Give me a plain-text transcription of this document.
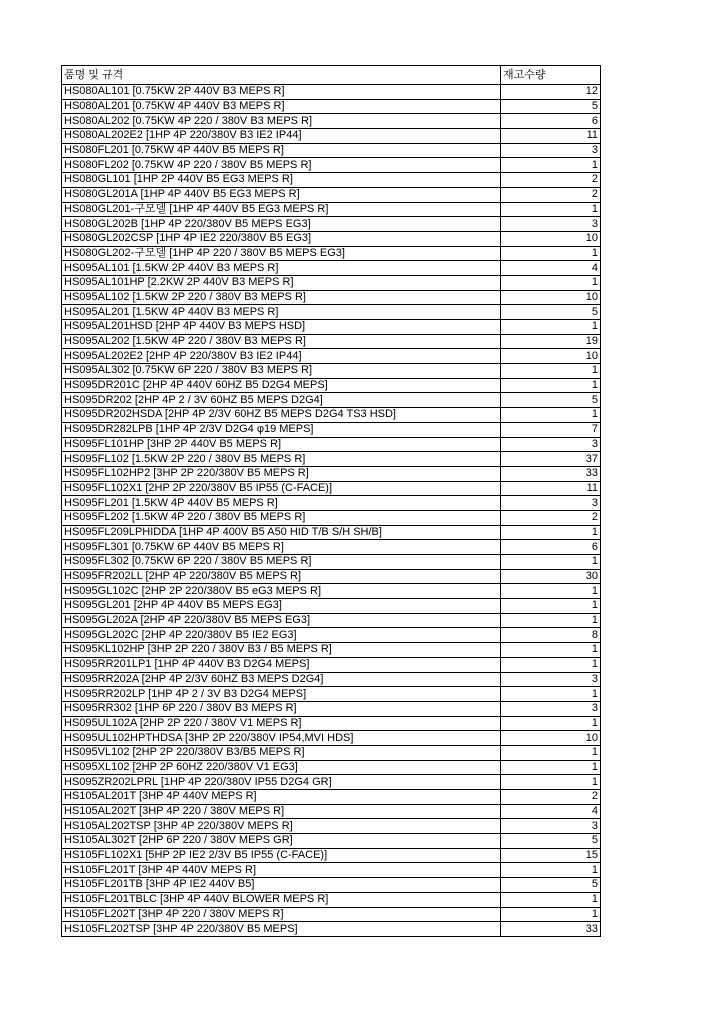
품명 및 규격	재고수량
HS080AL101 [0.75KW 2P 440V B3 MEPS R]	12
HS080AL201 [0.75KW 4P 440V B3 MEPS R]	5
HS080AL202 [0.75KW 4P 220 / 380V B3 MEPS R]	6
HS080AL202E2 [1HP 4P 220/380V B3 IE2 IP44]	11
HS080FL201 [0.75KW 4P 440V B5 MEPS R]	3
HS080FL202 [0.75KW 4P 220 / 380V B5 MEPS R]	1
HS080GL101 [1HP 2P 440V B5 EG3 MEPS R]	2
HS080GL201A [1HP 4P 440V B5 EG3 MEPS R]	2
HS080GL201-구모델 [1HP 4P 440V B5 EG3 MEPS R]	1
HS080GL202B [1HP 4P 220/380V B5 MEPS EG3]	3
HS080GL202CSP [1HP 4P IE2 220/380V B5 EG3]	10
HS080GL202-구모델 [1HP 4P 220 / 380V B5 MEPS EG3]	1
HS095AL101 [1.5KW 2P 440V B3 MEPS R]	4
HS095AL101HP [2.2KW 2P 440V B3 MEPS R]	1
HS095AL102 [1.5KW 2P 220 / 380V B3 MEPS R]	10
HS095AL201 [1.5KW 4P 440V B3 MEPS R]	5
HS095AL201HSD [2HP 4P 440V B3 MEPS HSD]	1
HS095AL202 [1.5KW 4P 220 / 380V B3 MEPS R]	19
HS095AL202E2 [2HP 4P 220/380V B3 IE2 IP44]	10
HS095AL302 [0.75KW 6P 220 / 380V B3 MEPS R]	1
HS095DR201C [2HP 4P 440V 60HZ B5 D2G4 MEPS]	1
HS095DR202 [2HP 4P 2 / 3V 60HZ B5 MEPS D2G4]	5
HS095DR202HSDA [2HP 4P 2/3V 60HZ B5 MEPS D2G4 TS3 HSD]	1
HS095DR282LPB [1HP 4P 2/3V D2G4 φ19 MEPS]	7
HS095FL101HP [3HP 2P 440V B5 MEPS R]	3
HS095FL102 [1.5KW 2P 220 / 380V B5 MEPS R]	37
HS095FL102HP2 [3HP 2P 220/380V B5 MEPS R]	33
HS095FL102X1 [2HP 2P 220/380V B5 IP55 (C-FACE)]	11
HS095FL201 [1.5KW 4P 440V B5 MEPS R]	3
HS095FL202 [1.5KW 4P 220 / 380V B5 MEPS R]	2
HS095FL209LPHIDDA [1HP 4P 400V B5 A50 HID T/B S/H SH/B]	1
HS095FL301 [0.75KW 6P 440V B5 MEPS R]	6
HS095FL302 [0.75KW 6P 220 / 380V B5 MEPS R]	1
HS095FR202LL [2HP 4P 220/380V B5 MEPS R]	30
HS095GL102C [2HP 2P 220/380V B5 eG3 MEPS R]	1
HS095GL201 [2HP 4P 440V B5 MEPS EG3]	1
HS095GL202A [2HP 4P 220/380V B5 MEPS EG3]	1
HS095GL202C [2HP 4P 220/380V B5 IE2 EG3]	8
HS095KL102HP [3HP 2P 220 / 380V B3 / B5 MEPS R]	1
HS095RR201LP1 [1HP 4P 440V B3 D2G4 MEPS]	1
HS095RR202A [2HP 4P 2/3V 60HZ B3 MEPS D2G4]	3
HS095RR202LP [1HP 4P 2 / 3V B3 D2G4 MEPS]	1
HS095RR302 [1HP 6P 220 / 380V B3 MEPS R]	3
HS095UL102A [2HP 2P 220 / 380V V1 MEPS R]	1
HS095UL102HPTHDSA [3HP 2P 220/380V IP54,MVI HDS]	10
HS095VL102 [2HP 2P 220/380V B3/B5 MEPS R]	1
HS095XL102 [2HP 2P 60HZ 220/380V V1 EG3]	1
HS095ZR202LPRL [1HP 4P 220/380V IP55 D2G4 GR]	1
HS105AL201T [3HP 4P 440V MEPS R]	2
HS105AL202T [3HP 4P 220 / 380V MEPS R]	4
HS105AL202TSP [3HP 4P 220/380V MEPS R]	3
HS105AL302T [2HP 6P 220 / 380V MEPS GR]	5
HS105FL102X1 [5HP 2P IE2 2/3V B5 IP55 (C-FACE)]	15
HS105FL201T [3HP 4P 440V MEPS R]	1
HS105FL201TB [3HP 4P IE2 440V B5]	5
HS105FL201TBLC [3HP 4P 440V BLOWER MEPS R]	1
HS105FL202T [3HP 4P 220 / 380V MEPS R]	1
HS105FL202TSP [3HP 4P 220/380V B5 MEPS]	33
